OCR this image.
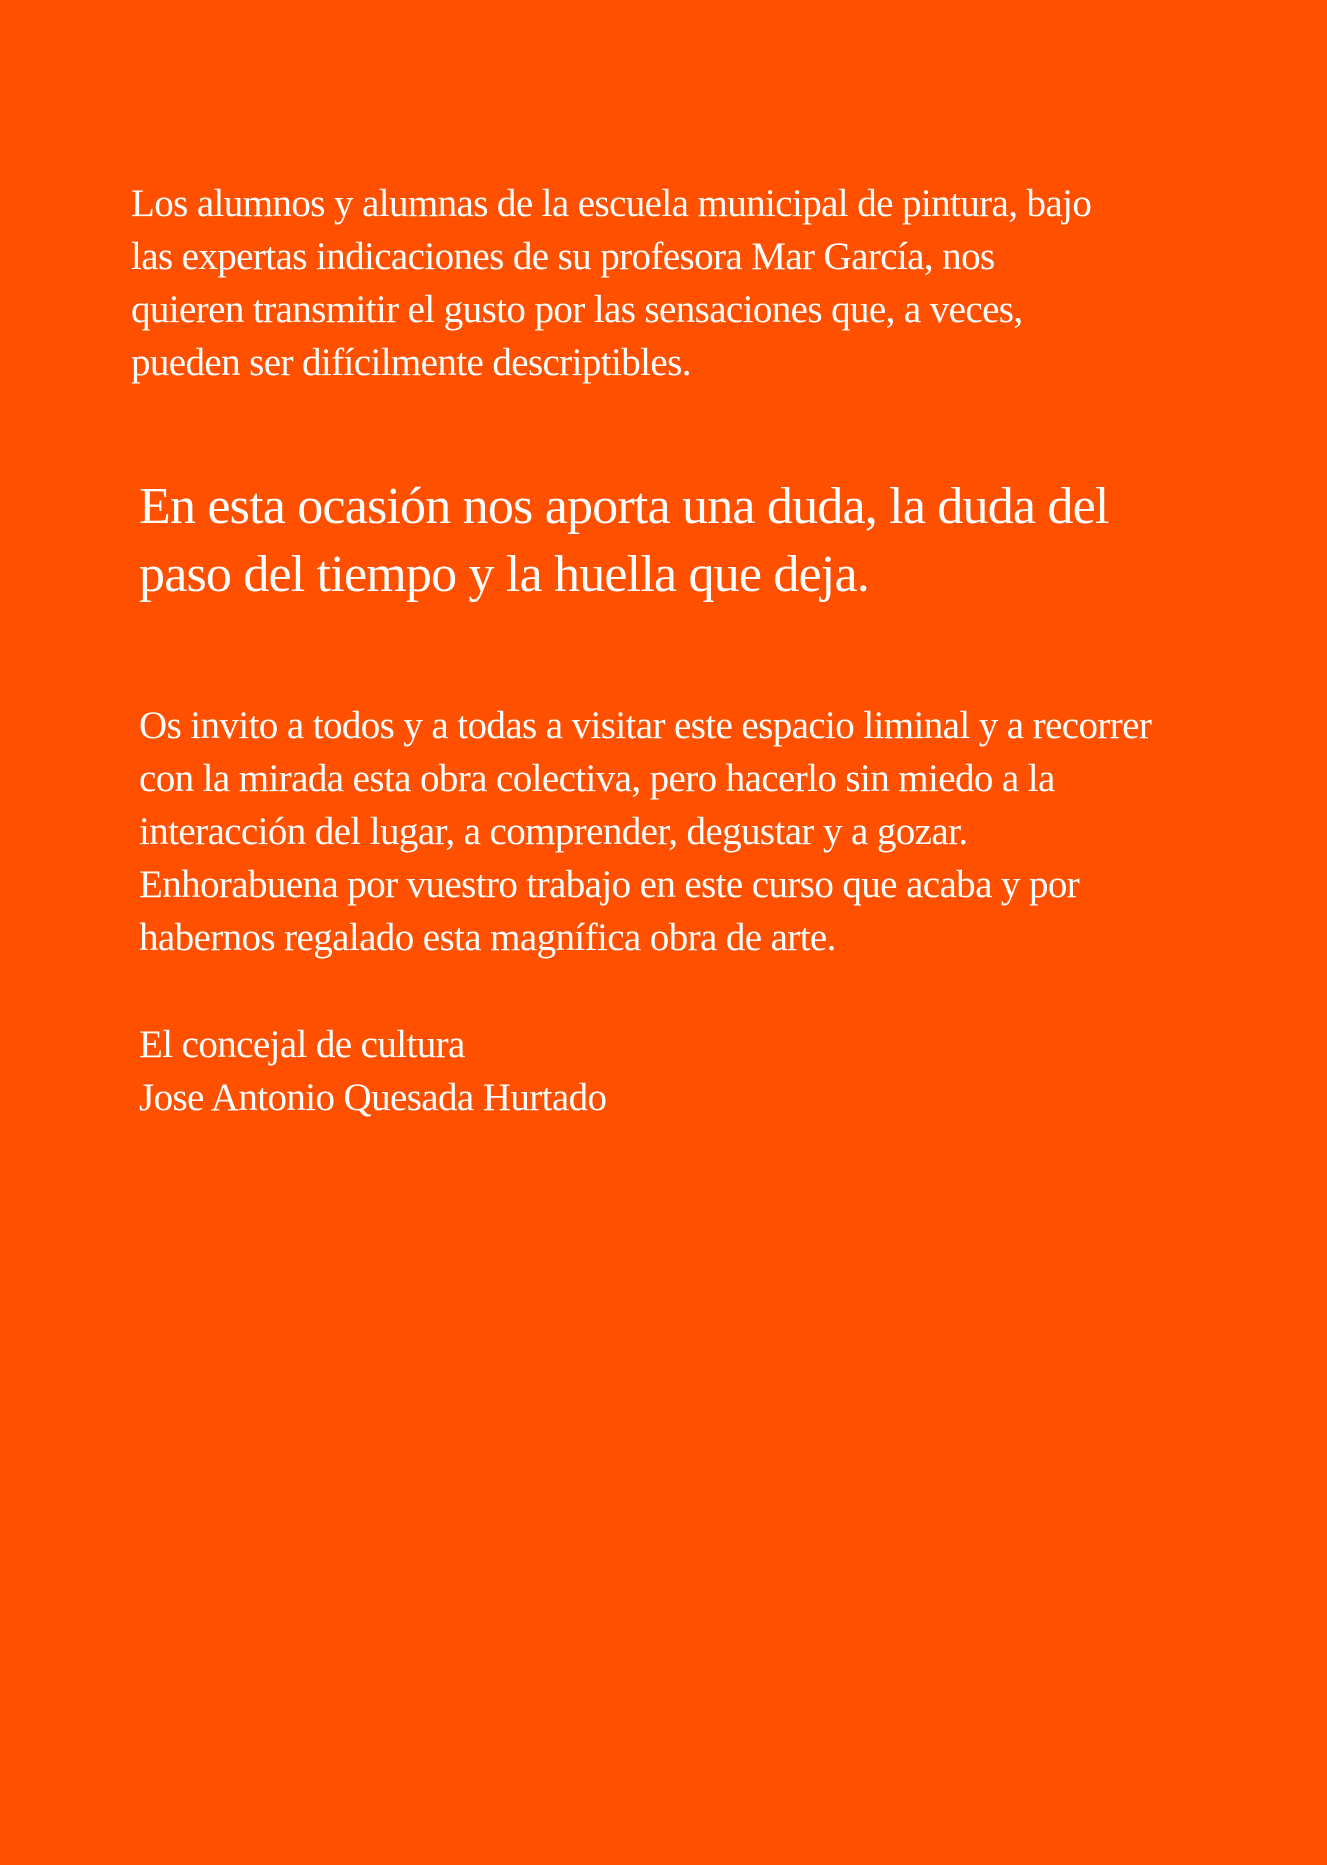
Los alumnos y alumnas de la escuela municipal de pintura, bajo
las expertas indicaciones de su profesora Mar García, nos
quieren transmitir el gusto por las sensaciones que, a veces,
pueden ser difícilmente descriptibles.

En esta ocasión nos aporta una duda, la duda del
paso del tiempo y la huella que deja.

Os invito a todos y a todas a visitar este espacio liminal y a recorrer
con la mirada esta obra colectiva, pero hacerlo sin miedo a la
interacción del lugar, a comprender, degustar y a gozar.
Enhorabuena por vuestro trabajo en este curso que acaba y por
habernos regalado esta magnífica obra de arte.

El concejal de cultura
Jose Antonio Quesada Hurtado
